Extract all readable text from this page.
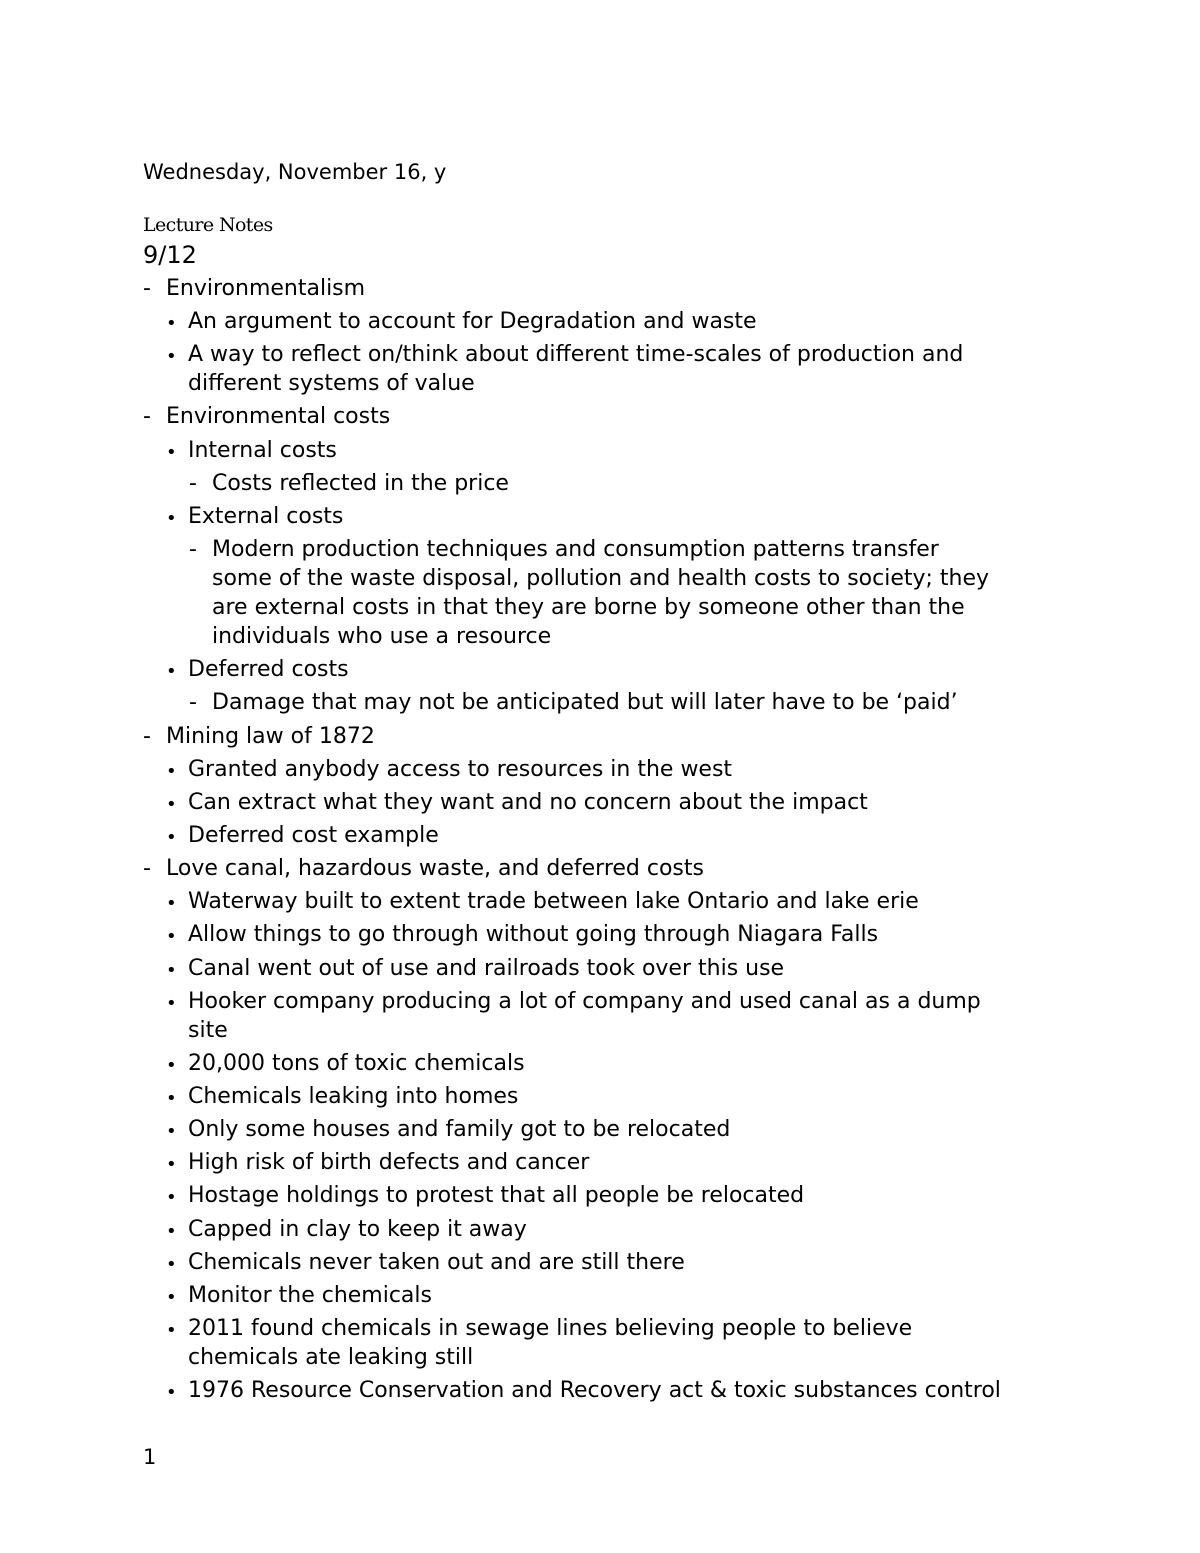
Wednesday, November 16, y
Lecture Notes
9/12
- Environmentalism
• An argument to account for Degradation and waste
• A way to reflect on/think about different time-scales of production and
different systems of value
- Environmental costs
• Internal costs
- Costs reflected in the price
• External costs
- Modern production techniques and consumption patterns transfer
some of the waste disposal, pollution and health costs to society; they
are external costs in that they are borne by someone other than the
individuals who use a resource
• Deferred costs
- Damage that may not be anticipated but will later have to be ‘paid’
- Mining law of 1872
• Granted anybody access to resources in the west
• Can extract what they want and no concern about the impact
• Deferred cost example
- Love canal, hazardous waste, and deferred costs
• Waterway built to extent trade between lake Ontario and lake erie
• Allow things to go through without going through Niagara Falls
• Canal went out of use and railroads took over this use
• Hooker company producing a lot of company and used canal as a dump
site
• 20,000 tons of toxic chemicals
• Chemicals leaking into homes
• Only some houses and family got to be relocated
• High risk of birth defects and cancer
• Hostage holdings to protest that all people be relocated
• Capped in clay to keep it away
• Chemicals never taken out and are still there
• Monitor the chemicals
• 2011 found chemicals in sewage lines believing people to believe
chemicals ate leaking still
• 1976 Resource Conservation and Recovery act & toxic substances control
1
